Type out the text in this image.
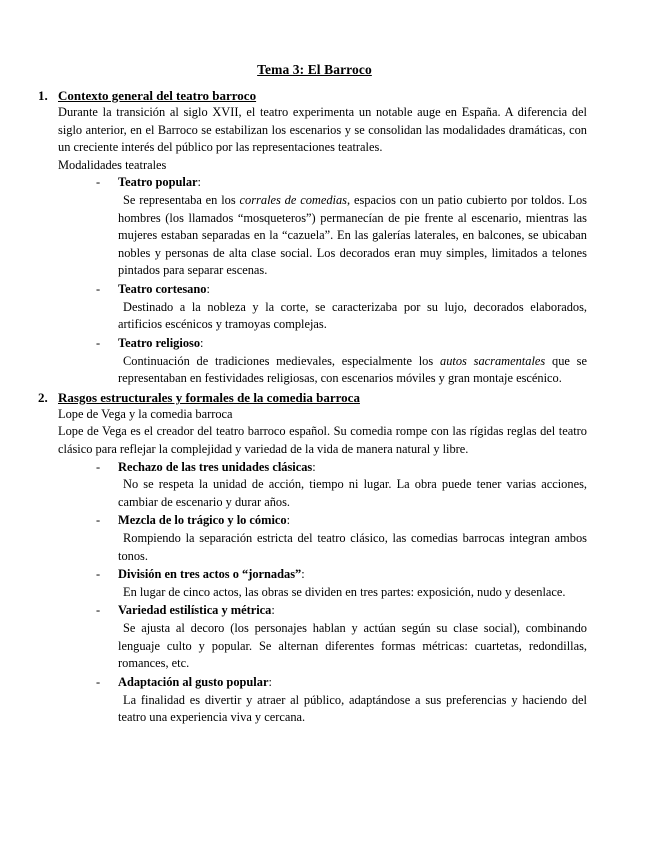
Tema 3: El Barroco
1. Contexto general del teatro barroco

Durante la transición al siglo XVII, el teatro experimenta un notable auge en España. A diferencia del siglo anterior, en el Barroco se estabilizan los escenarios y se consolidan las modalidades dramáticas, con un creciente interés del público por las representaciones teatrales.

Modalidades teatrales

- Teatro popular:
Se representaba en los corrales de comedias, espacios con un patio cubierto por toldos. Los hombres (los llamados “mosqueteros”) permanecían de pie frente al escenario, mientras las mujeres estaban separadas en la “cazuela”. En las galerías laterales, en balcones, se ubicaban nobles y personas de alta clase social. Los decorados eran muy simples, limitados a telones pintados para separar escenas.
- Teatro cortesano:
Destinado a la nobleza y la corte, se caracterizaba por su lujo, decorados elaborados, artificios escénicos y tramoyas complejas.
- Teatro religioso:
Continuación de tradiciones medievales, especialmente los autos sacramentales que se representaban en festividades religiosas, con escenarios móviles y gran montaje escénico.
2. Rasgos estructurales y formales de la comedia barroca

Lope de Vega y la comedia barroca

Lope de Vega es el creador del teatro barroco español. Su comedia rompe con las rígidas reglas del teatro clásico para reflejar la complejidad y variedad de la vida de manera natural y libre.

- Rechazo de las tres unidades clásicas:
No se respeta la unidad de acción, tiempo ni lugar. La obra puede tener varias acciones, cambiar de escenario y durar años.
- Mezcla de lo trágico y lo cómico:
Rompiendo la separación estricta del teatro clásico, las comedias barrocas integran ambos tonos.
- División en tres actos o “jornadas”:
En lugar de cinco actos, las obras se dividen en tres partes: exposición, nudo y desenlace.
- Variedad estilística y métrica:
Se ajusta al decoro (los personajes hablan y actúan según su clase social), combinando lenguaje culto y popular. Se alternan diferentes formas métricas: cuartetas, redondillas, romances, etc.
- Adaptación al gusto popular:
La finalidad es divertir y atraer al público, adaptándose a sus preferencias y haciendo del teatro una experiencia viva y cercana.
